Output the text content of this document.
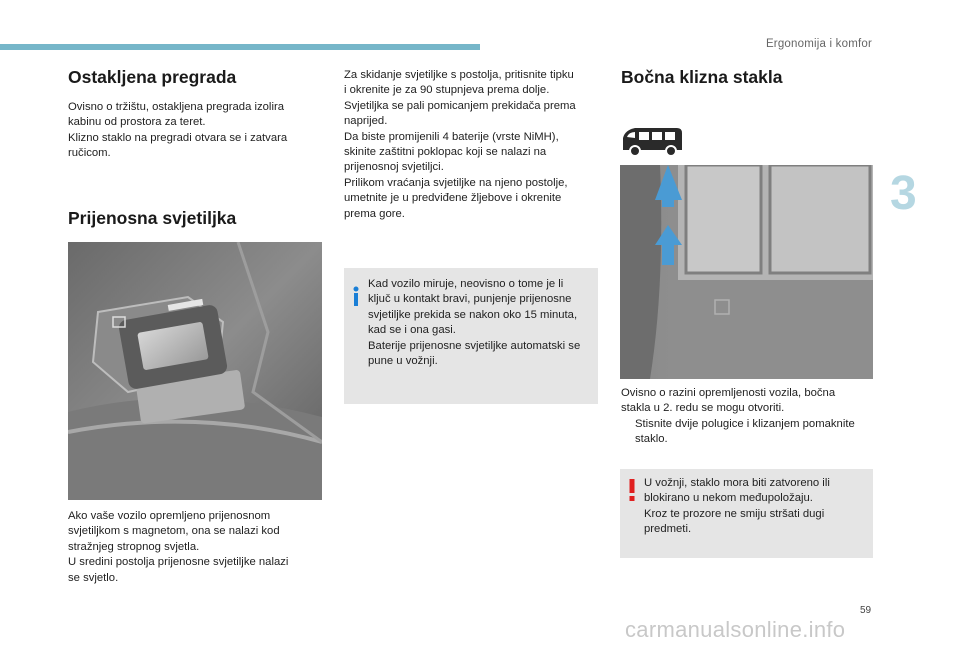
Ergonomija i komfor
Ostakljena pregrada

Ovisno o tržištu, ostakljena pregrada izolira

kabinu od prostora za teret.

Klizno staklo na pregradi otvara se i zatvara

ručicom.

Prijenosna svjetiljka

Ako vaše vozilo opremljeno prijenosnom

svjetiljkom s magnetom, ona se nalazi kod

stražnjeg stropnog svjetla.

U sredini postolja prijenosne svjetiljke nalazi

se svjetlo.

Za skidanje svjetiljke s postolja, pritisnite tipku

i okrenite je za 90 stupnjeva prema dolje.

Svjetiljka se pali pomicanjem prekidača prema

naprijed.

Da biste promijenili 4 baterije (vrste NiMH),

skinite zaštitni poklopac koji se nalazi na

prijenosnoj svjetiljci.

Prilikom vraćanja svjetiljke na njeno postolje,

umetnite je u predviđene žljebove i okrenite

prema gore.

Kad vozilo miruje, neovisno o tome je li

ključ u kontakt bravi, punjenje prijenosne

svjetiljke prekida se nakon oko 15 minuta,

kad se i ona gasi.

Baterije prijenosne svjetiljke automatski se

pune u vožnji.

Bočna klizna stakla

Ovisno o razini opremljenosti vozila, bočna

stakla u 2. redu se mogu otvoriti.

Stisnite dvije polugice i klizanjem pomaknite
staklo.

U vožnji, staklo mora biti zatvoreno ili

blokirano u nekom međupoložaju.

Kroz te prozore ne smiju stršati dugi

predmeti.

3
59
carmanualsonline.info
